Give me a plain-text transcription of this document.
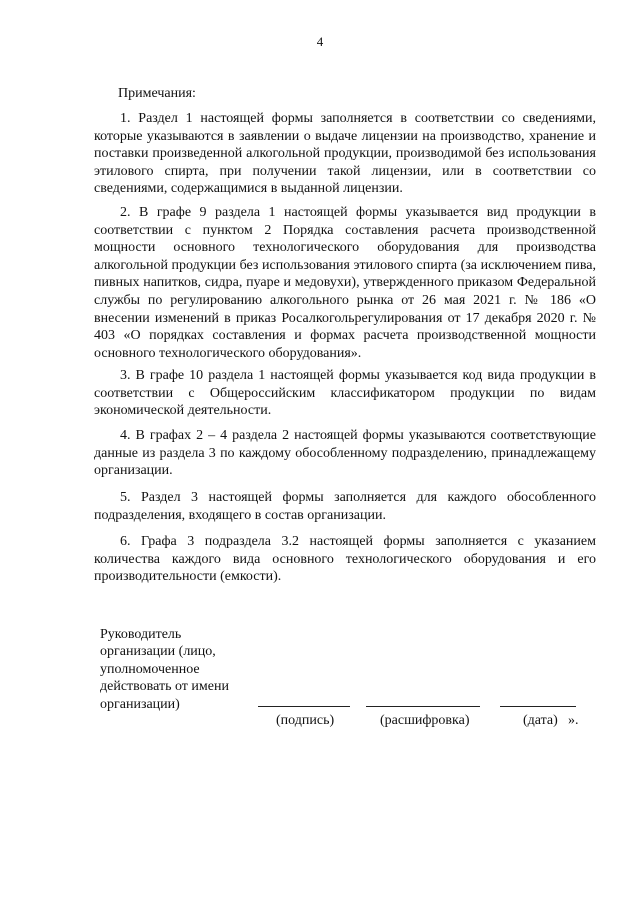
4
Примечания:

1. Раздел 1 настоящей формы заполняется в соответствии со сведениями, которые указываются в заявлении о выдаче лицензии на производство, хранение и поставки произведенной алкогольной продукции, производимой без использования этилового спирта, при получении такой лицензии, или в соответствии со сведениями, содержащимися в выданной лицензии.

2. В графе 9 раздела 1 настоящей формы указывается вид продукции в соответствии с пунктом 2 Порядка составления расчета производственной мощности основного технологического оборудования для производства алкогольной продукции без использования этилового спирта (за исключением пива, пивных напитков, сидра, пуаре и медовухи), утвержденного приказом Федеральной службы по регулированию алкогольного рынка от 26 мая 2021 г. № 186 «О внесении изменений в приказ Росалкогольрегулирования от 17 декабря 2020 г. № 403 «О порядках составления и формах расчета производственной мощности основного технологического оборудования».

3. В графе 10 раздела 1 настоящей формы указывается код вида продукции в соответствии с Общероссийским классификатором продукции по видам экономической деятельности.

4. В графах 2 – 4 раздела 2 настоящей формы указываются соответствующие данные из раздела 3 по каждому обособленному подразделению, принадлежащему организации.

5. Раздел 3 настоящей формы заполняется для каждого обособленного подразделения, входящего в состав организации.

6. Графа 3 подраздела 3.2 настоящей формы заполняется с указанием количества каждого вида основного технологического оборудования и его производительности (емкости).

Руководитель
организации (лицо,
уполномоченное
действовать от имени
организации)
(подпись)	(расшифровка)	(дата) ».
